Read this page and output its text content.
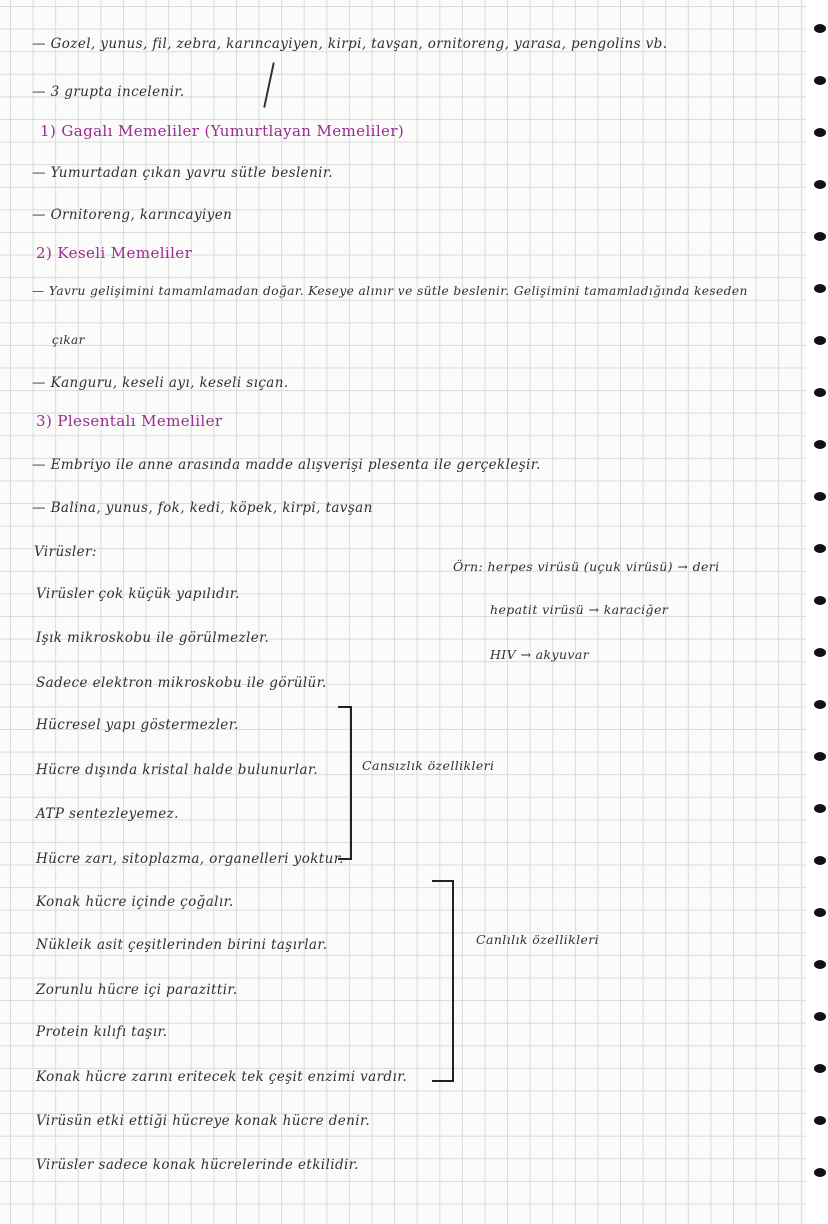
— Gozel, yunus, fil, zebra, karıncayiyen, kirpi, tavşan, ornitoreng, yarasa, pengolins vb.
— 3 grupta incelenir.
1) Gagalı Memeliler (Yumurtlayan Memeliler)
— Yumurtadan çıkan yavru sütle beslenir.
— Ornitoreng, karıncayiyen
2) Keseli Memeliler
— Yavru gelişimini tamamlamadan doğar. Keseye alınır ve sütle beslenir. Gelişimini tamamladığında keseden
çıkar
— Kanguru, keseli ayı, keseli sıçan.
3) Plesentalı Memeliler
— Embriyo ile anne arasında madde alışverişi plesenta ile gerçekleşir.
— Balina, yunus, fok, kedi, köpek, kirpi, tavşan
Virüsler:
Virüsler çok küçük yapılıdır.
Işık mikroskobu ile görülmezler.
Sadece elektron mikroskobu ile görülür.
Hücresel yapı göstermezler.
Hücre dışında kristal halde bulunurlar.
ATP sentezleyemez.
Hücre zarı, sitoplazma, organelleri yoktur.
Konak hücre içinde çoğalır.
Nükleik asit çeşitlerinden birini taşırlar.
Zorunlu hücre içi parazittir.
Protein kılıfı taşır.
Konak hücre zarını eritecek tek çeşit enzimi vardır.
Virüsün etki ettiği hücreye konak hücre denir.
Virüsler sadece konak hücrelerinde etkilidir.
Örn: herpes virüsü (uçuk virüsü) → deri
hepatit virüsü → karaciğer
HIV → akyuvar
Cansızlık özellikleri
Canlılık özellikleri
